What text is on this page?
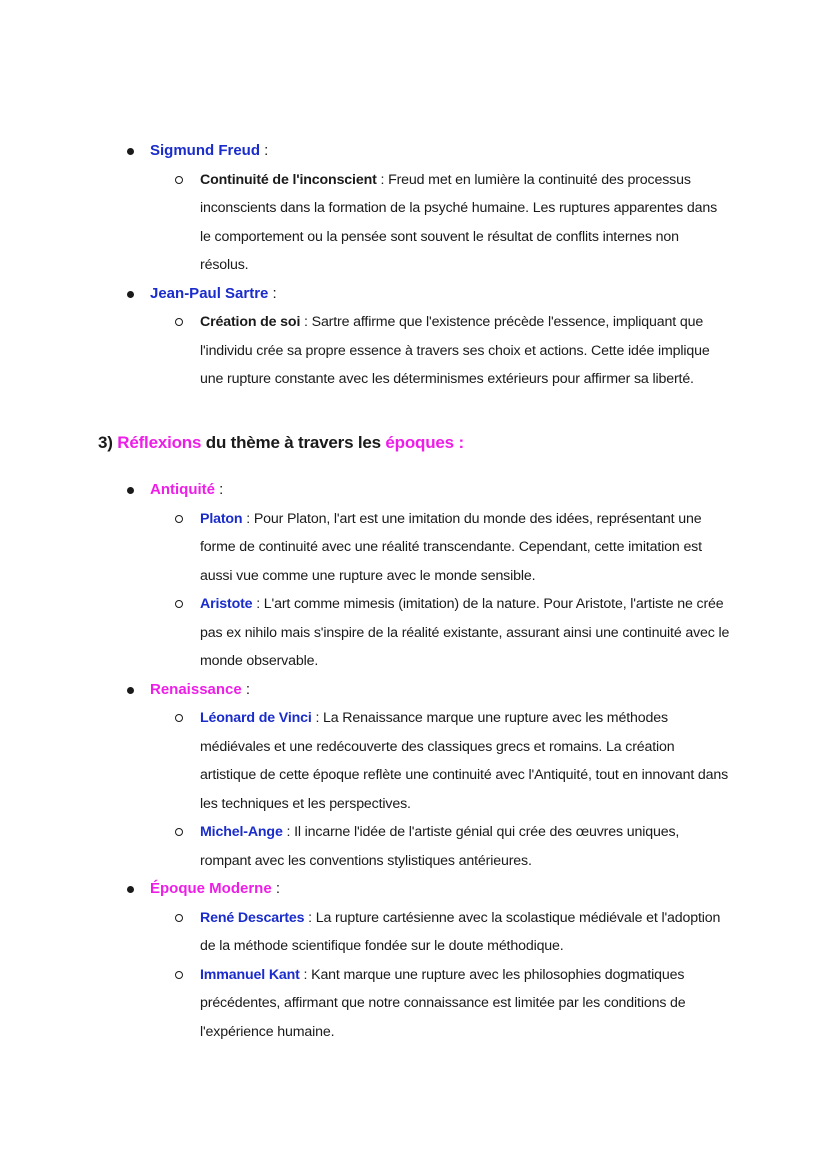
Sigmund Freud :
Continuité de l'inconscient : Freud met en lumière la continuité des processus inconscients dans la formation de la psyché humaine. Les ruptures apparentes dans le comportement ou la pensée sont souvent le résultat de conflits internes non résolus.
Jean-Paul Sartre :
Création de soi : Sartre affirme que l'existence précède l'essence, impliquant que l'individu crée sa propre essence à travers ses choix et actions. Cette idée implique une rupture constante avec les déterminismes extérieurs pour affirmer sa liberté.
3) Réflexions du thème à travers les époques :
Antiquité :
Platon : Pour Platon, l'art est une imitation du monde des idées, représentant une forme de continuité avec une réalité transcendante. Cependant, cette imitation est aussi vue comme une rupture avec le monde sensible.
Aristote : L'art comme mimesis (imitation) de la nature. Pour Aristote, l'artiste ne crée pas ex nihilo mais s'inspire de la réalité existante, assurant ainsi une continuité avec le monde observable.
Renaissance :
Léonard de Vinci : La Renaissance marque une rupture avec les méthodes médiévales et une redécouverte des classiques grecs et romains. La création artistique de cette époque reflète une continuité avec l'Antiquité, tout en innovant dans les techniques et les perspectives.
Michel-Ange : Il incarne l'idée de l'artiste génial qui crée des œuvres uniques, rompant avec les conventions stylistiques antérieures.
Époque Moderne :
René Descartes : La rupture cartésienne avec la scolastique médiévale et l'adoption de la méthode scientifique fondée sur le doute méthodique.
Immanuel Kant : Kant marque une rupture avec les philosophies dogmatiques précédentes, affirmant que notre connaissance est limitée par les conditions de l'expérience humaine.
